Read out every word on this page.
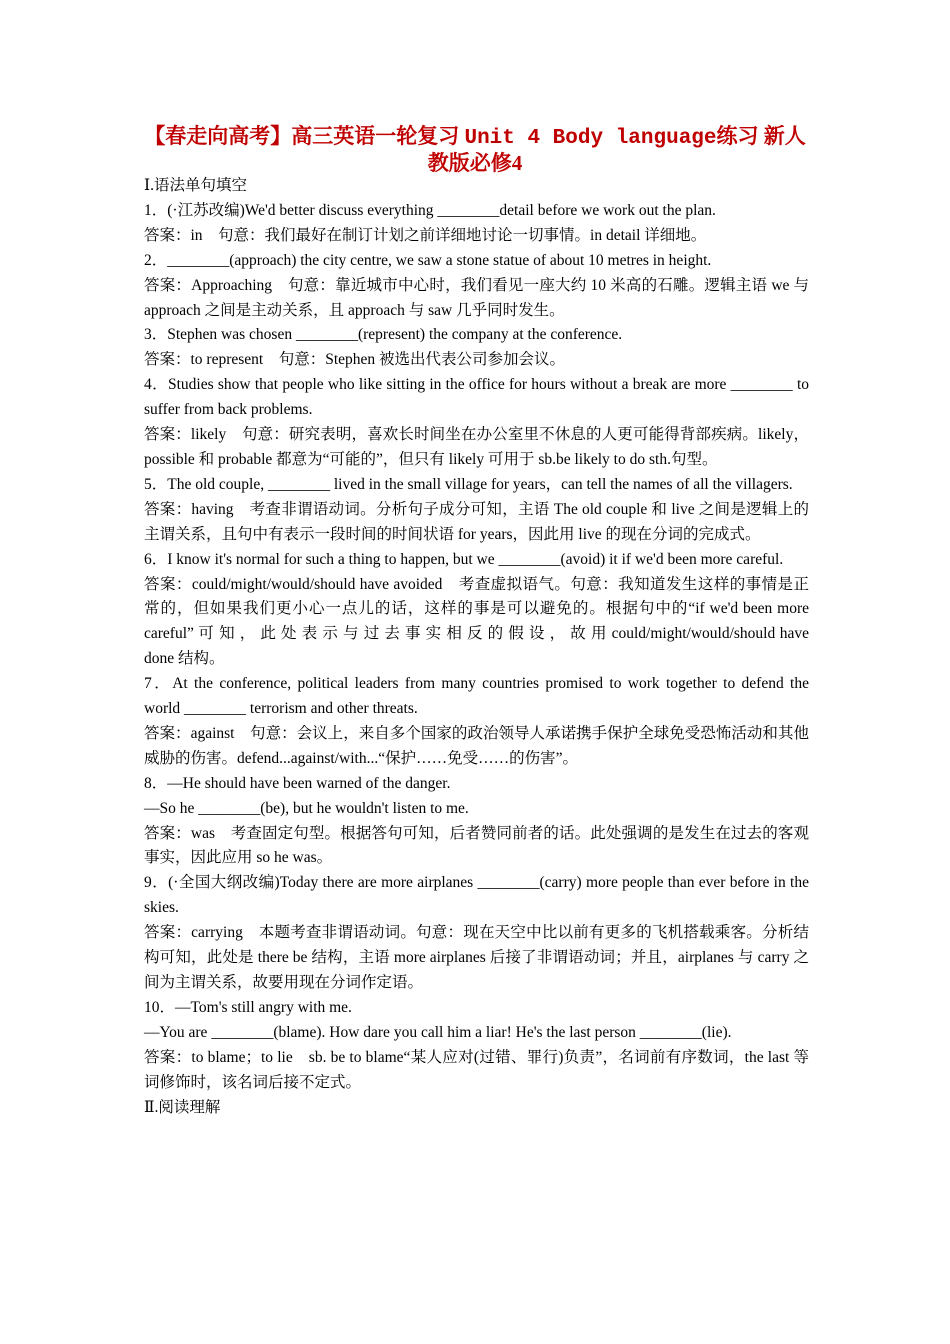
【春走向高考】高三英语一轮复习 Unit 4 Body language练习 新人教版必修4

Ⅰ.语法单句填空

1．(·江苏改编)We'd better discuss everything ________detail before we work out the plan.

答案：in　句意：我们最好在制订计划之前详细地讨论一切事情。in detail 详细地。

2．________(approach) the city centre, we saw a stone statue of about 10 metres in height.

答案：Approaching　句意：靠近城市中心时，我们看见一座大约 10 米高的石雕。逻辑主语 we 与 approach 之间是主动关系，且 approach 与 saw 几乎同时发生。

3．Stephen was chosen ________(represent) the company at the conference.

答案：to represent　句意：Stephen 被选出代表公司参加会议。

4．Studies show that people who like sitting in the office for hours without a break are more ________ to suffer from back problems.

答案：likely　句意：研究表明，喜欢长时间坐在办公室里不休息的人更可能得背部疾病。likely，possible 和 probable 都意为“可能的”，但只有 likely 可用于 sb.be likely to do sth.句型。

5．The old couple, ________ lived in the small village for years，can tell the names of all the villagers.

答案：having　考查非谓语动词。分析句子成分可知，主语 The old couple 和 live 之间是逻辑上的主谓关系，且句中有表示一段时间的时间状语 for years，因此用 live 的现在分词的完成式。

6．I know it's normal for such a thing to happen, but we ________(avoid) it if we'd been more careful.

答案：could/might/would/should have avoided　考查虚拟语气。句意：我知道发生这样的事情是正常的，但如果我们更小心一点儿的话，这样的事是可以避免的。根据句中的“if we'd been more careful” 可 知 ， 此 处 表 示 与 过 去 事 实 相 反 的 假 设 ， 故 用 could/might/would/should have done 结构。

7．At the conference, political leaders from many countries promised to work together to defend the world ________ terrorism and other threats.

答案：against　句意：会议上，来自多个国家的政治领导人承诺携手保护全球免受恐怖活动和其他威胁的伤害。defend...against/with...“保护……免受……的伤害”。

8．—He should have been warned of the danger.

—So he ________(be), but he wouldn't listen to me.

答案：was　考查固定句型。根据答句可知，后者赞同前者的话。此处强调的是发生在过去的客观事实，因此应用 so he was。

9．(·全国大纲改编)Today there are more airplanes ________(carry) more people than ever before in the skies.

答案：carrying　本题考查非谓语动词。句意：现在天空中比以前有更多的飞机搭载乘客。分析结构可知，此处是 there be 结构，主语 more airplanes 后接了非谓语动词；并且，airplanes 与 carry 之间为主谓关系，故要用现在分词作定语。

10．—Tom's still angry with me.

—You are ________(blame). How dare you call him a liar! He's the last person ________(lie).

答案：to blame；to lie　sb. be to blame“某人应对(过错、罪行)负责”，名词前有序数词，the last 等词修饰时，该名词后接不定式。

Ⅱ.阅读理解
